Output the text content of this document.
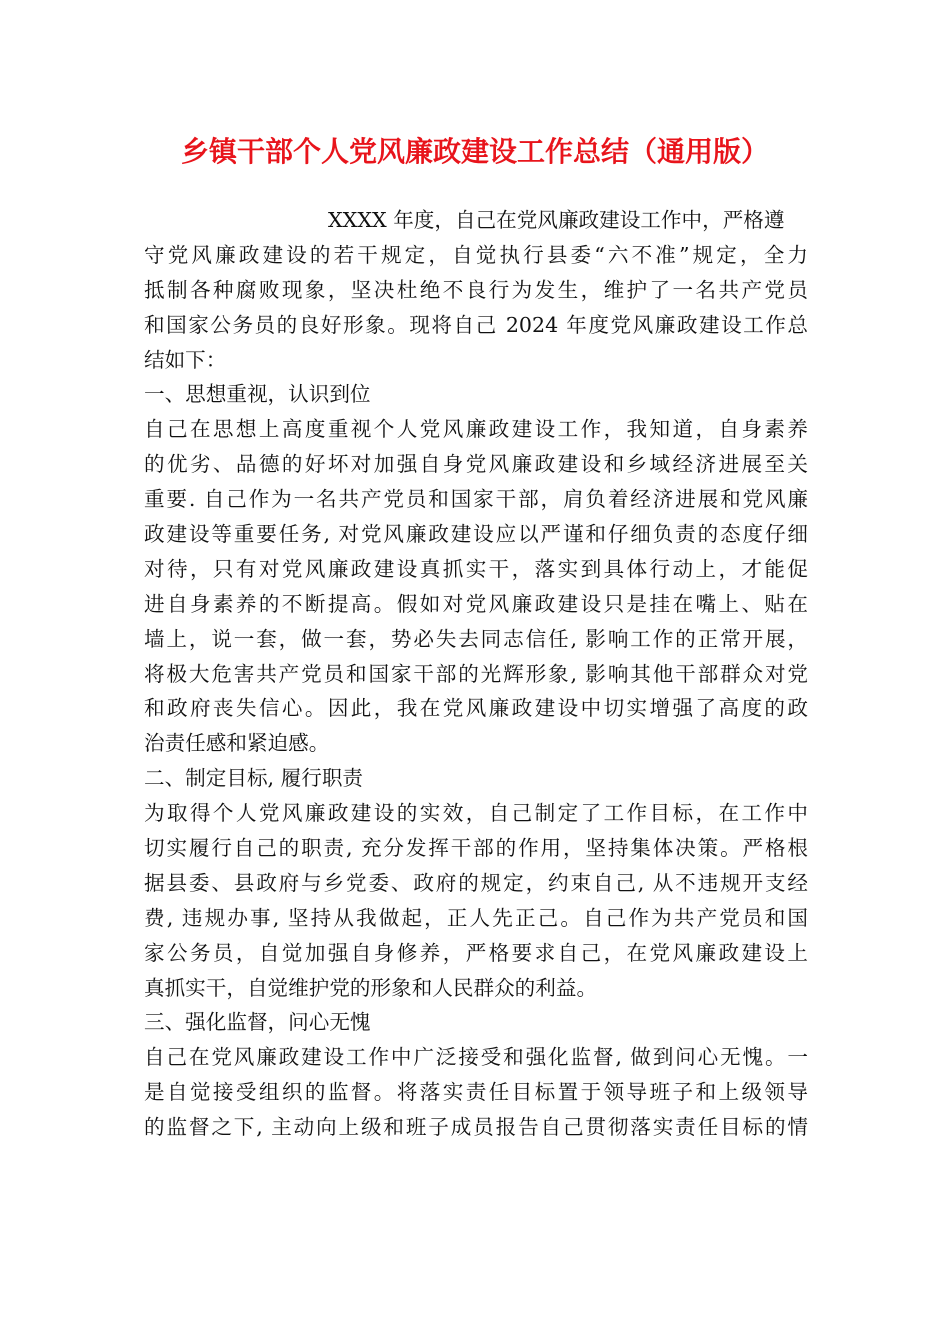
乡镇干部个人党风廉政建设工作总结（通用版）
XXXX 年度，自己在党风廉政建设工作中，严格遵
守党风廉政建设的若干规定，自觉执行县委“六不准”规定，全力
抵制各种腐败现象，坚决杜绝不良行为发生，维护了一名共产党员
和国家公务员的良好形象。现将自己 2024 年度党风廉政建设工作总
结如下：
一、思想重视，认识到位
自己在思想上高度重视个人党风廉政建设工作，我知道，自身素养
的优劣、品德的好坏对加强自身党风廉政建设和乡域经济进展至关
重要. 自己作为一名共产党员和国家干部，肩负着经济进展和党风廉
政建设等重要任务, 对党风廉政建设应以严谨和仔细负责的态度仔细
对待，只有对党风廉政建设真抓实干，落实到具体行动上，才能促
进自身素养的不断提高。假如对党风廉政建设只是挂在嘴上、贴在
墙上，说一套，做一套，势必失去同志信任, 影响工作的正常开展，
将极大危害共产党员和国家干部的光辉形象, 影响其他干部群众对党
和政府丧失信心。因此，我在党风廉政建设中切实增强了高度的政
治责任感和紧迫感。
二、制定目标, 履行职责
为取得个人党风廉政建设的实效，自己制定了工作目标，在工作中
切实履行自己的职责, 充分发挥干部的作用，坚持集体决策。严格根
据县委、县政府与乡党委、政府的规定，约束自己, 从不违规开支经
费, 违规办事, 坚持从我做起，正人先正己。自己作为共产党员和国
家公务员，自觉加强自身修养，严格要求自己，在党风廉政建设上
真抓实干，自觉维护党的形象和人民群众的利益。
三、强化监督，问心无愧
自己在党风廉政建设工作中广泛接受和强化监督, 做到问心无愧。一
是自觉接受组织的监督。将落实责任目标置于领导班子和上级领导
的监督之下, 主动向上级和班子成员报告自己贯彻落实责任目标的情
